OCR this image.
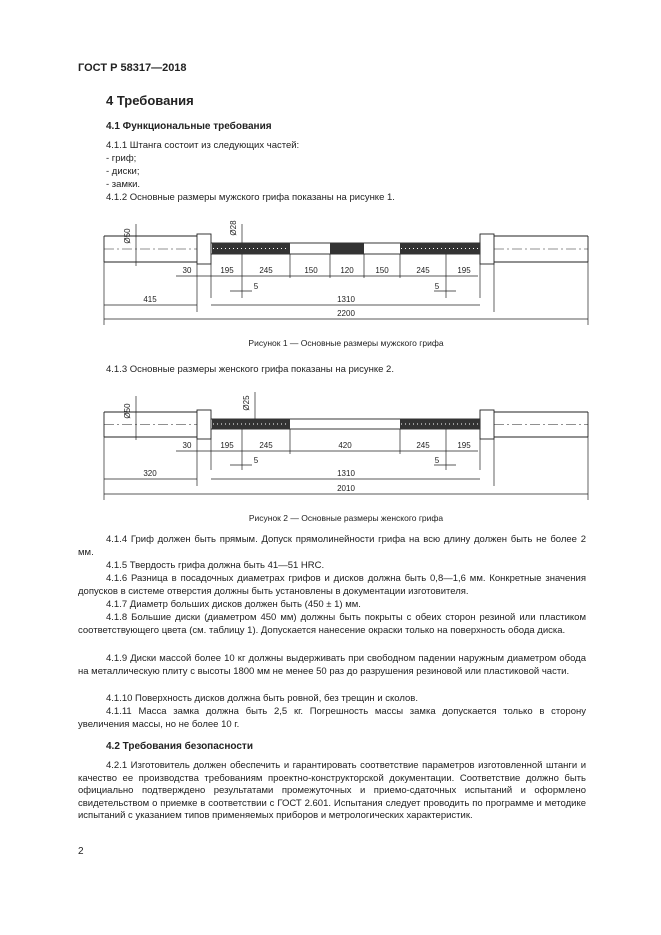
ГОСТ Р 58317—2018
4 Требования
4.1 Функциональные требования
4.1.1 Штанга состоит из следующих частей:
- гриф;
- диски;
- замки.
4.1.2 Основные размеры мужского грифа показаны на рисунке 1.
Ø50
Ø28
30	195	245	150	120	150	245	195
5	5
415	1310
2200
Рисунок 1 — Основные размеры мужского грифа
4.1.3 Основные размеры женского грифа показаны на рисунке 2.
Ø50
Ø25
30	195	245	420	245	195
5	5
320	1310
2010
Рисунок 2 — Основные размеры женского грифа
4.1.4 Гриф должен быть прямым. Допуск прямолинейности грифа на всю длину должен быть не более 2 мм.
4.1.5 Твердость грифа должна быть 41—51 HRC.
4.1.6 Разница в посадочных диаметрах грифов и дисков должна быть 0,8—1,6 мм. Конкретные значения допусков в системе отверстия должны быть установлены в документации изготовителя.
4.1.7 Диаметр больших дисков должен быть (450 ± 1) мм.
4.1.8 Большие диски (диаметром 450 мм) должны быть покрыты с обеих сторон резиной или пластиком соответствующего цвета (см. таблицу 1). Допускается нанесение окраски только на поверхность обода диска.
4.1.9 Диски массой более 10 кг должны выдерживать при свободном падении наружным диаметром обода на металлическую плиту с высоты 1800 мм не менее 50 раз до разрушения резиновой или пластиковой части.
4.1.10 Поверхность дисков должна быть ровной, без трещин и сколов.
4.1.11 Масса замка должна быть 2,5 кг. Погрешность массы замка допускается только в сторону увеличения массы, но не более 10 г.
4.2 Требования безопасности
4.2.1 Изготовитель должен обеспечить и гарантировать соответствие параметров изготовленной штанги и качество ее производства требованиям проектно-конструкторской документации. Соответствие должно быть официально подтверждено результатами промежуточных и приемо-сдаточных испытаний и оформлено свидетельством о приемке в соответствии с ГОСТ 2.601. Испытания следует проводить по программе и методике испытаний с указанием типов применяемых приборов и метрологических характеристик.
2
